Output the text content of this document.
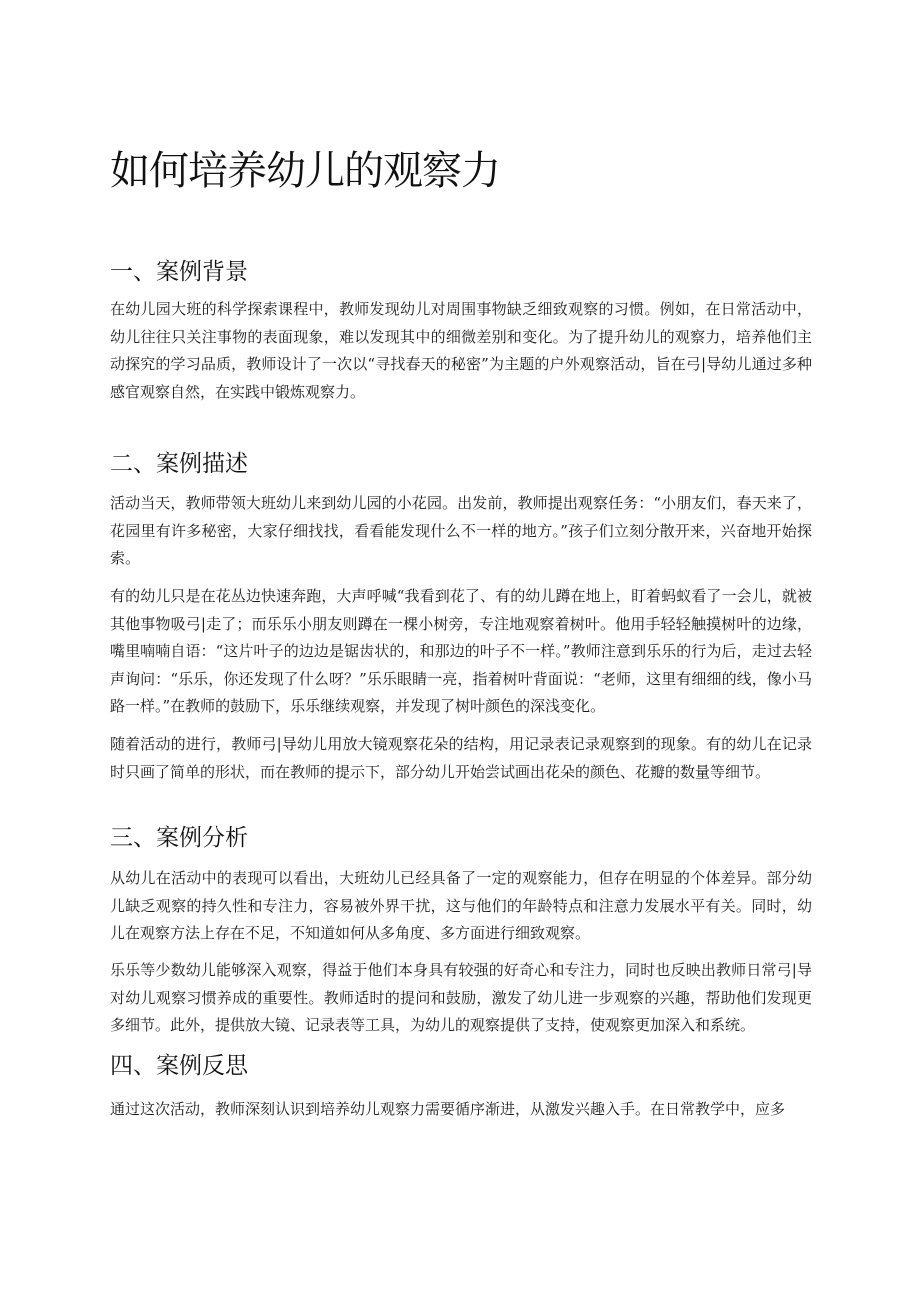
如何培养幼儿的观察力
一、案例背景

在幼儿园大班的科学探索课程中，教师发现幼儿对周围事物缺乏细致观察的习惯。例如，在日常活动中，幼儿往往只关注事物的表面现象，难以发现其中的细微差别和变化。为了提升幼儿的观察力，培养他们主动探究的学习品质，教师设计了一次以“寻找春天的秘密”为主题的户外观察活动，旨在弓|导幼儿通过多种感官观察自然，在实践中锻炼观察力。

二、案例描述

活动当天，教师带领大班幼儿来到幼儿园的小花园。出发前，教师提出观察任务：“小朋友们，春天来了，花园里有许多秘密，大家仔细找找，看看能发现什么不一样的地方。”孩子们立刻分散开来，兴奋地开始探索。

有的幼儿只是在花丛边快速奔跑，大声呼喊“我看到花了、有的幼儿蹲在地上，盯着蚂蚁看了一会儿，就被其他事物吸弓|走了；而乐乐小朋友则蹲在一棵小树旁，专注地观察着树叶。他用手轻轻触摸树叶的边缘，嘴里喃喃自语：“这片叶子的边边是锯齿状的，和那边的叶子不一样。”教师注意到乐乐的行为后，走过去轻声询问：“乐乐，你还发现了什么呀？”乐乐眼睛一亮，指着树叶背面说：“老师，这里有细细的线，像小马路一样。”在教师的鼓励下，乐乐继续观察，并发现了树叶颜色的深浅变化。

随着活动的进行，教师弓|导幼儿用放大镜观察花朵的结构，用记录表记录观察到的现象。有的幼儿在记录时只画了简单的形状，而在教师的提示下，部分幼儿开始尝试画出花朵的颜色、花瓣的数量等细节。

三、案例分析

从幼儿在活动中的表现可以看出，大班幼儿已经具备了一定的观察能力，但存在明显的个体差异。部分幼儿缺乏观察的持久性和专注力，容易被外界干扰，这与他们的年龄特点和注意力发展水平有关。同时，幼儿在观察方法上存在不足，不知道如何从多角度、多方面进行细致观察。

乐乐等少数幼儿能够深入观察，得益于他们本身具有较强的好奇心和专注力，同时也反映出教师日常弓|导对幼儿观察习惯养成的重要性。教师适时的提问和鼓励，激发了幼儿进一步观察的兴趣，帮助他们发现更多细节。此外，提供放大镜、记录表等工具，为幼儿的观察提供了支持，使观察更加深入和系统。

四、案例反思

通过这次活动，教师深刻认识到培养幼儿观察力需要循序渐进，从激发兴趣入手。在日常教学中，应多
